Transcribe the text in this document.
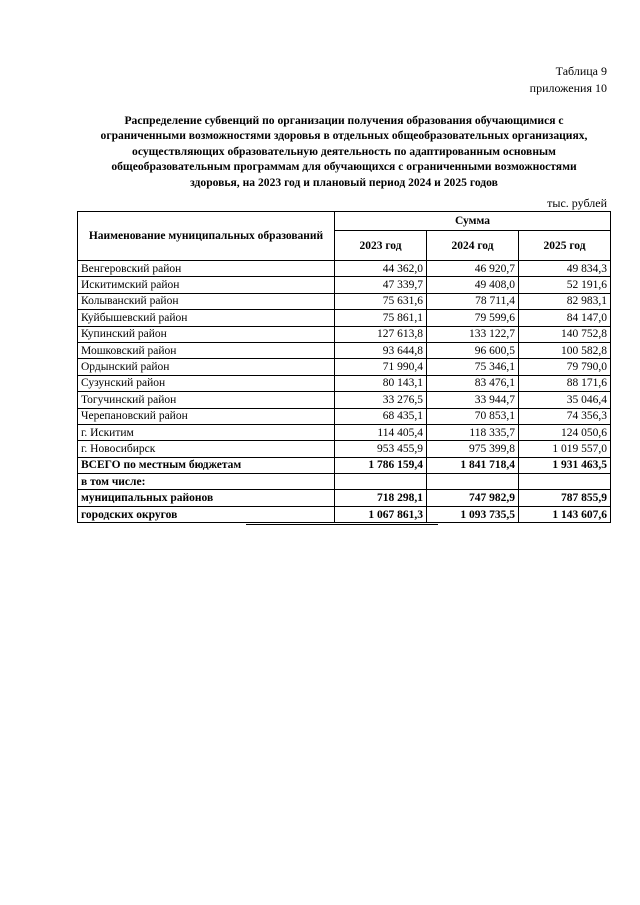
Таблица 9
приложения 10
Распределение субвенций по организации получения образования обучающимися с
ограниченными возможностями здоровья в отдельных общеобразовательных организациях,
осуществляющих образовательную деятельность по адаптированным основным
общеобразовательным программам для обучающихся с ограниченными возможностями
здоровья, на 2023 год и плановый период 2024 и 2025 годов
тыс. рублей
Наименование муниципальных образований	Сумма		
	2023 год	2024 год	2025 год
Венгеровский район	44 362,0	46 920,7	49 834,3
Искитимский район	47 339,7	49 408,0	52 191,6
Колыванский район	75 631,6	78 711,4	82 983,1
Куйбышевский район	75 861,1	79 599,6	84 147,0
Купинский район	127 613,8	133 122,7	140 752,8
Мошковский район	93 644,8	96 600,5	100 582,8
Ордынский район	71 990,4	75 346,1	79 790,0
Сузунский район	80 143,1	83 476,1	88 171,6
Тогучинский район	33 276,5	33 944,7	35 046,4
Черепановский район	68 435,1	70 853,1	74 356,3
г. Искитим	114 405,4	118 335,7	124 050,6
г. Новосибирск	953 455,9	975 399,8	1 019 557,0
ВСЕГО по местным бюджетам	1 786 159,4	1 841 718,4	1 931 463,5
в том числе:			
муниципальных районов	718 298,1	747 982,9	787 855,9
городских округов	1 067 861,3	1 093 735,5	1 143 607,6
